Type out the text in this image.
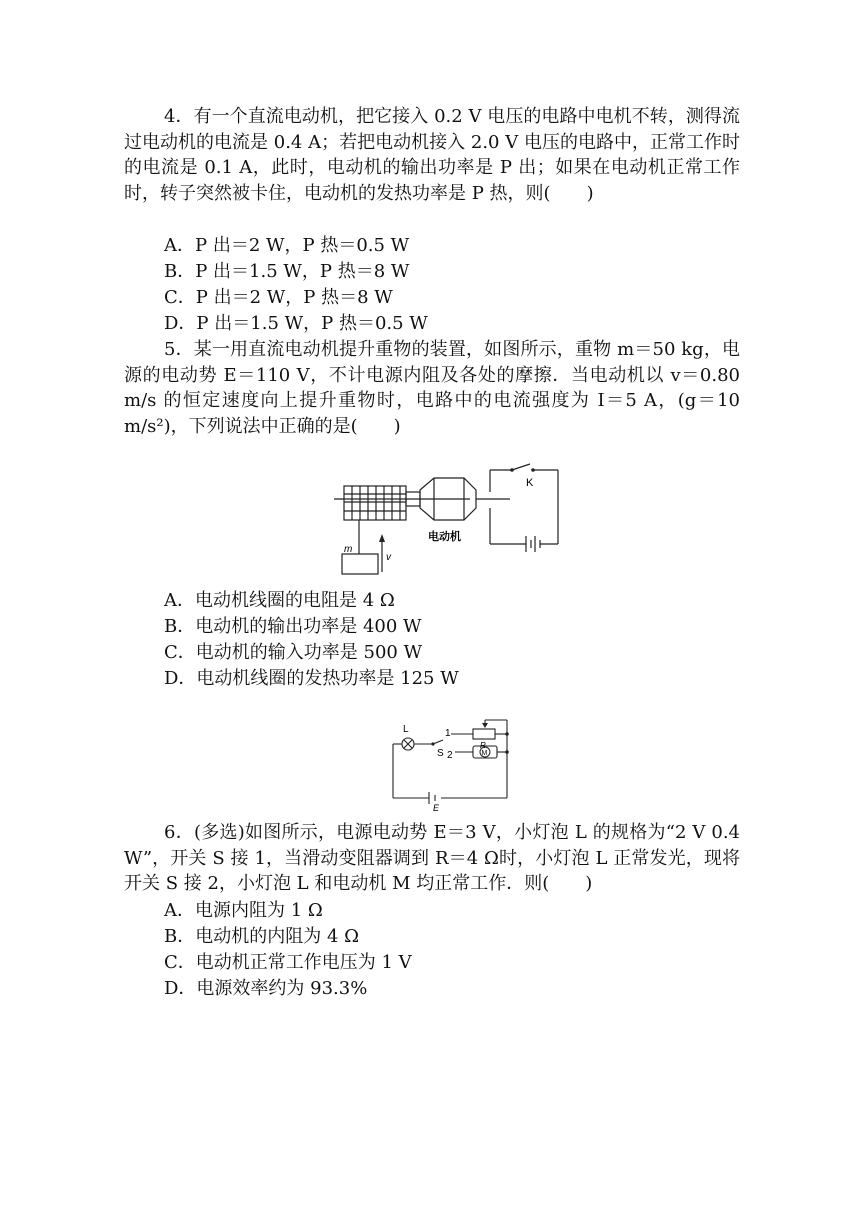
4．有一个直流电动机，把它接入 0.2 V 电压的电路中电机不转，测得流过电动机的电流是 0.4 A；若把电动机接入 2.0 V 电压的电路中，正常工作时的电流是 0.1 A，此时，电动机的输出功率是 P 出；如果在电动机正常工作时，转子突然被卡住，电动机的发热功率是 P 热，则(　　)
A．P 出＝2 W，P 热＝0.5 W
B．P 出＝1.5 W，P 热＝8 W
C．P 出＝2 W，P 热＝8 W
D．P 出＝1.5 W，P 热＝0.5 W
5．某一用直流电动机提升重物的装置，如图所示，重物 m＝50 kg，电源的电动势 E＝110 V，不计电源内阻及各处的摩擦．当电动机以 v＝0.80 m/s 的恒定速度向上提升重物时，电路中的电流强度为 I＝5 A，(g＝10 m/s²)，下列说法中正确的是(　　)
K
电动机
m
v
A．电动机线圈的电阻是 4 Ω
B．电动机的输出功率是 400 W
C．电动机的输入功率是 500 W
D．电动机线圈的发热功率是 125 W
L
S
1
2
R
M
E
6．(多选)如图所示，电源电动势 E＝3 V，小灯泡 L 的规格为“2 V 0.4 W”，开关 S 接 1，当滑动变阻器调到 R＝4 Ω时，小灯泡 L 正常发光，现将开关 S 接 2，小灯泡 L 和电动机 M 均正常工作．则(　　)
A．电源内阻为 1 Ω
B．电动机的内阻为 4 Ω
C．电动机正常工作电压为 1 V
D．电源效率约为 93.3%
